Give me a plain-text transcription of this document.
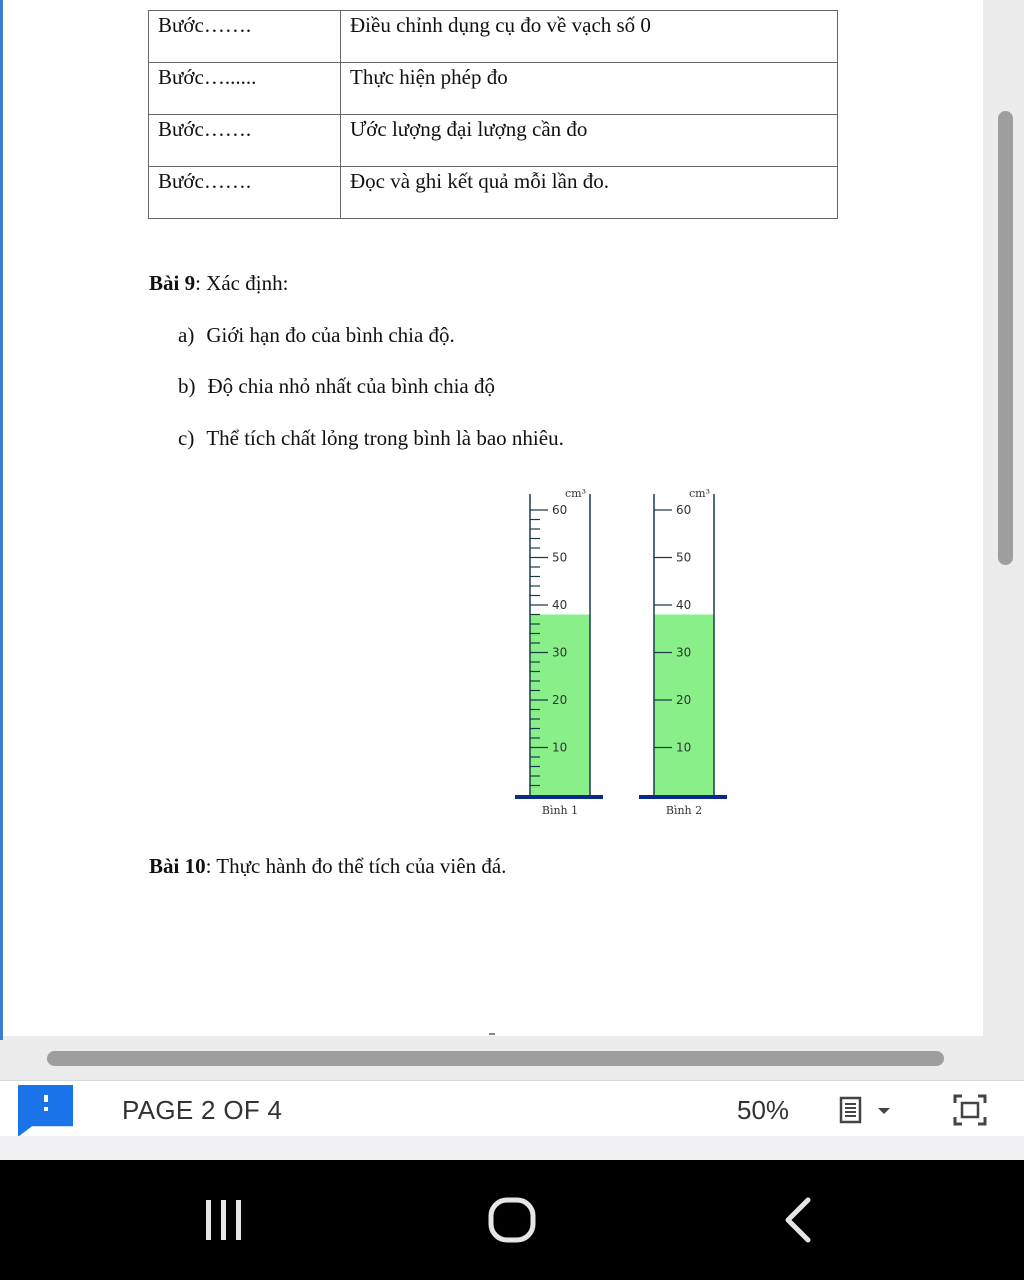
Bước…….	Điều chỉnh dụng cụ đo về vạch số 0
Bước…......	Thực hiện phép đo
Bước…….	Ước lượng đại lượng cần đo
Bước…….	Đọc và ghi kết quả mỗi lần đo.
Bài 9: Xác định:
a) Giới hạn đo của bình chia độ.
b) Độ chia nhỏ nhất của bình chia độ
c) Thể tích chất lỏng trong bình là bao nhiêu.
cm³
10
20
30
40
50
60
Bình 1
cm³
10
20
30
40
50
60
Bình 2
Bài 10: Thực hành đo thể tích của viên đá.
PAGE 2 OF 4	50%
